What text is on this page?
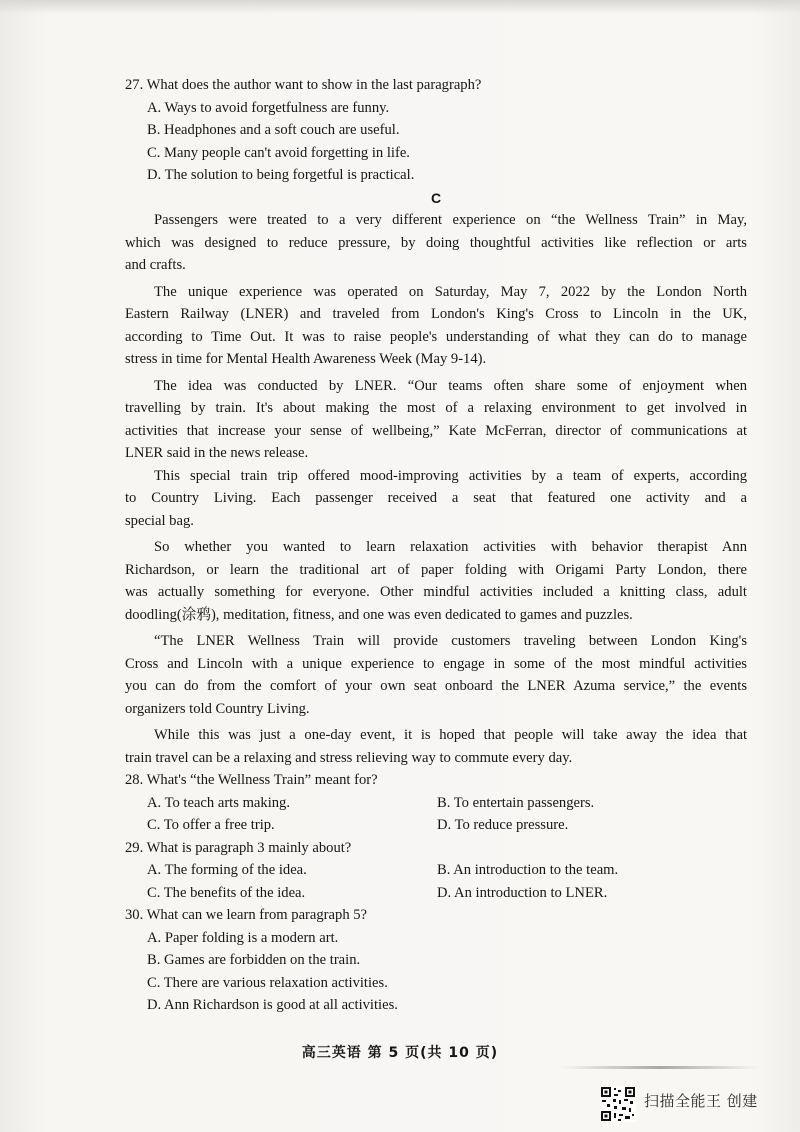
27. What does the author want to show in the last paragraph?
A. Ways to avoid forgetfulness are funny.
B. Headphones and a soft couch are useful.
C. Many people can't avoid forgetting in life.
D. The solution to being forgetful is practical.
C
Passengers were treated to a very different experience on “the Wellness Train” in May,
which was designed to reduce pressure, by doing thoughtful activities like reflection or arts
and crafts.
The unique experience was operated on Saturday, May 7, 2022 by the London North
Eastern Railway (LNER) and traveled from London's King's Cross to Lincoln in the UK,
according to Time Out. It was to raise people's understanding of what they can do to manage
stress in time for Mental Health Awareness Week (May 9-14).
The idea was conducted by LNER. “Our teams often share some of enjoyment when
travelling by train. It's about making the most of a relaxing environment to get involved in
activities that increase your sense of wellbeing,” Kate McFerran, director of communications at
LNER said in the news release.
This special train trip offered mood-improving activities by a team of experts, according
to Country Living. Each passenger received a seat that featured one activity and a
special bag.
So whether you wanted to learn relaxation activities with behavior therapist Ann
Richardson, or learn the traditional art of paper folding with Origami Party London, there
was actually something for everyone. Other mindful activities included a knitting class, adult
doodling(涂鸦), meditation, fitness, and one was even dedicated to games and puzzles.
“The LNER Wellness Train will provide customers traveling between London King's
Cross and Lincoln with a unique experience to engage in some of the most mindful activities
you can do from the comfort of your own seat onboard the LNER Azuma service,” the events
organizers told Country Living.
While this was just a one-day event, it is hoped that people will take away the idea that
train travel can be a relaxing and stress relieving way to commute every day.
28. What's “the Wellness Train” meant for?
A. To teach arts making.	B. To entertain passengers.
C. To offer a free trip.	D. To reduce pressure.
29. What is paragraph 3 mainly about?
A. The forming of the idea.	B. An introduction to the team.
C. The benefits of the idea.	D. An introduction to LNER.
30. What can we learn from paragraph 5?
A. Paper folding is a modern art.
B. Games are forbidden on the train.
C. There are various relaxation activities.
D. Ann Richardson is good at all activities.
高三英语 第 5 页(共 10 页)
扫描全能王 创建
